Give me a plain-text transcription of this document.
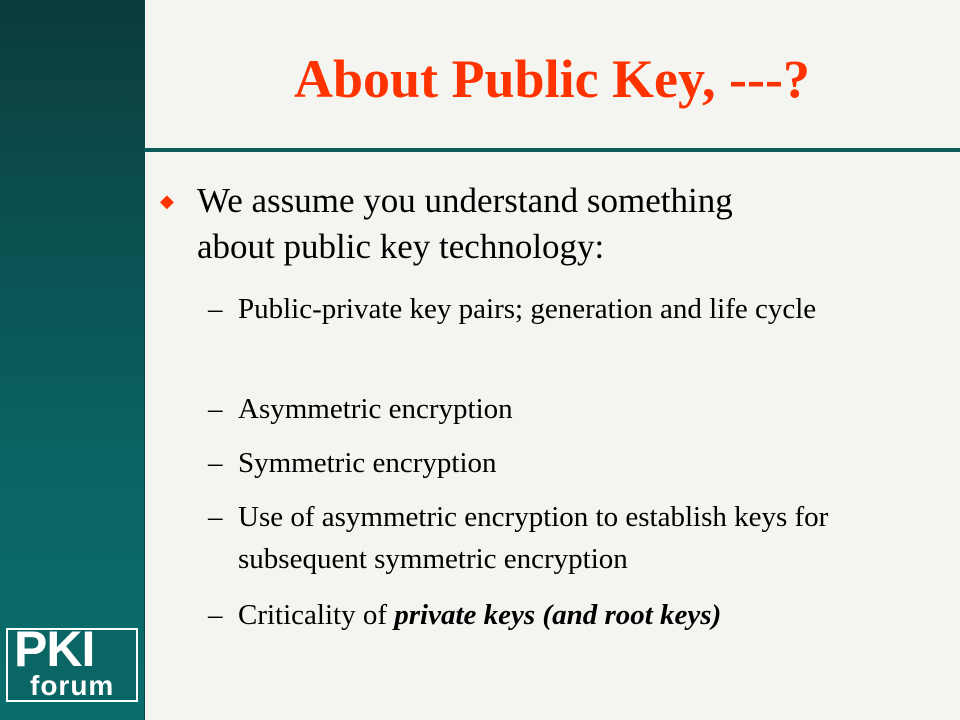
PKI
forum
About Public Key, ---?
◆ We assume you understand something
about public key technology:
– Public-private key pairs; generation and life cycle
– Asymmetric encryption
– Symmetric encryption
– Use of asymmetric encryption to establish keys for subsequent symmetric encryption
– Criticality of private keys (and root keys)
